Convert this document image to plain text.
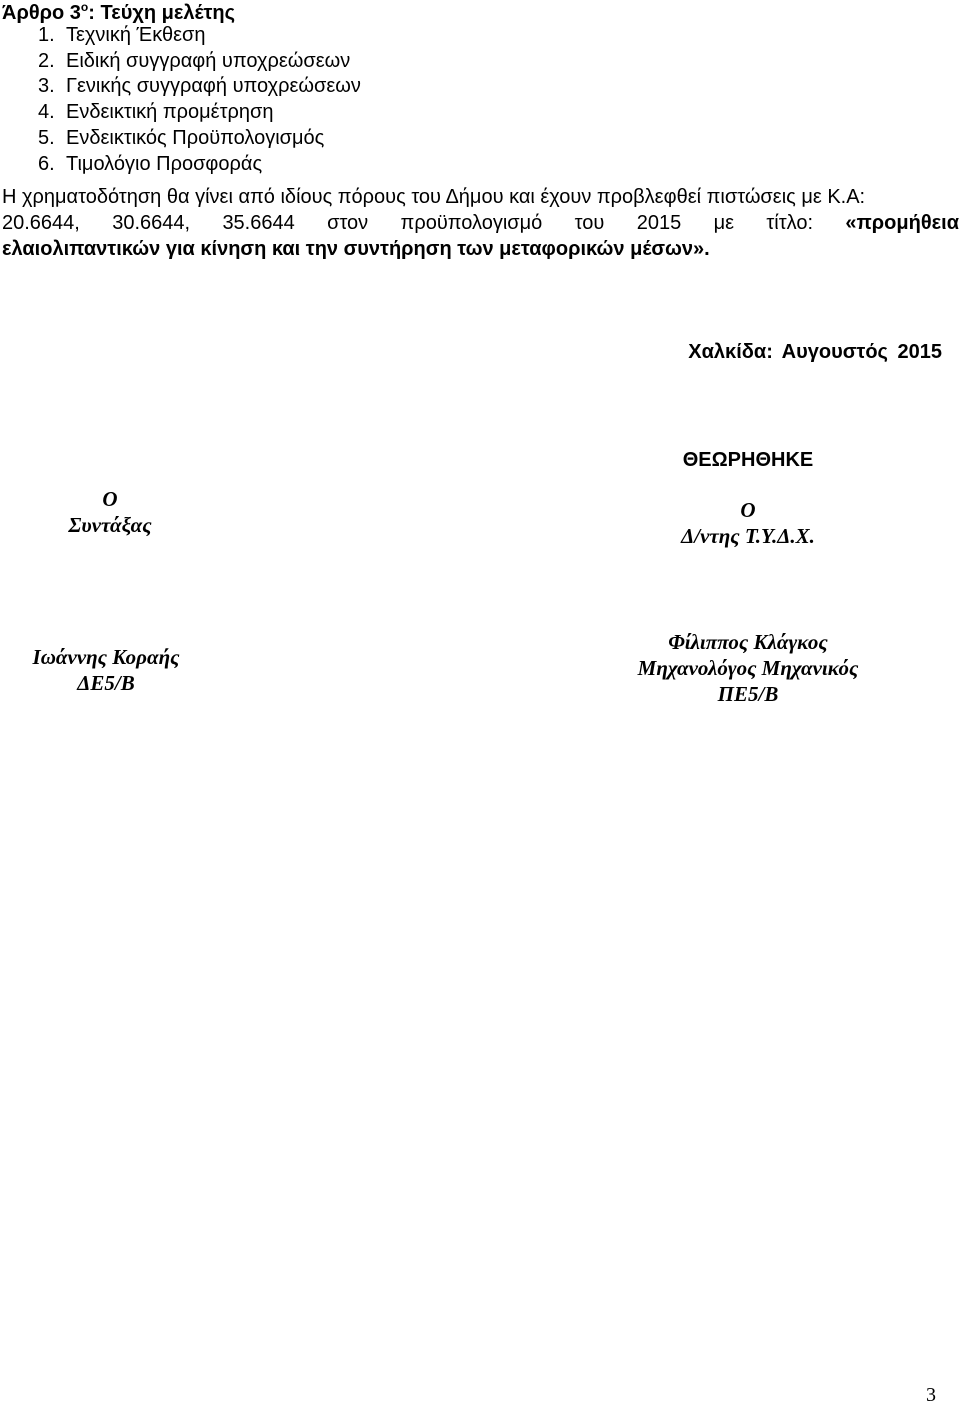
Άρθρο $3^o$: Τεύχη μελέτης
1. Τεχνική Έκθεση
2. Ειδική συγγραφή υποχρεώσεων
3. Γενικής συγγραφή υποχρεώσεων
4. Ενδεικτική προμέτρηση
5. Ενδεικτικός Προϋπολογισμός
6. Τιμολόγιο Προσφοράς
Η χρηματοδότηση θα γίνει από ιδίους πόρους του Δήμου και έχουν προβλεφθεί πιστώσεις με Κ.Α:
20.6644, 30.6644, 35.6644 στον προϋπολογισμό του 2015 με τίτλο: «προμήθεια
ελαιολιπαντικών για κίνηση και την συντήρηση των μεταφορικών μέσων».
Χαλκίδα: Αυγουστός 2015
ΘΕΩΡΗΘΗΚΕ
Ο
Συντάξας
Ο
Δ/ντης Τ.Υ.Δ.Χ.
Ιωάννης Κοραής
ΔΕ5/Β
Φίλιππος Κλάγκος
Μηχανολόγος Μηχανικός
ΠΕ5/Β
3
